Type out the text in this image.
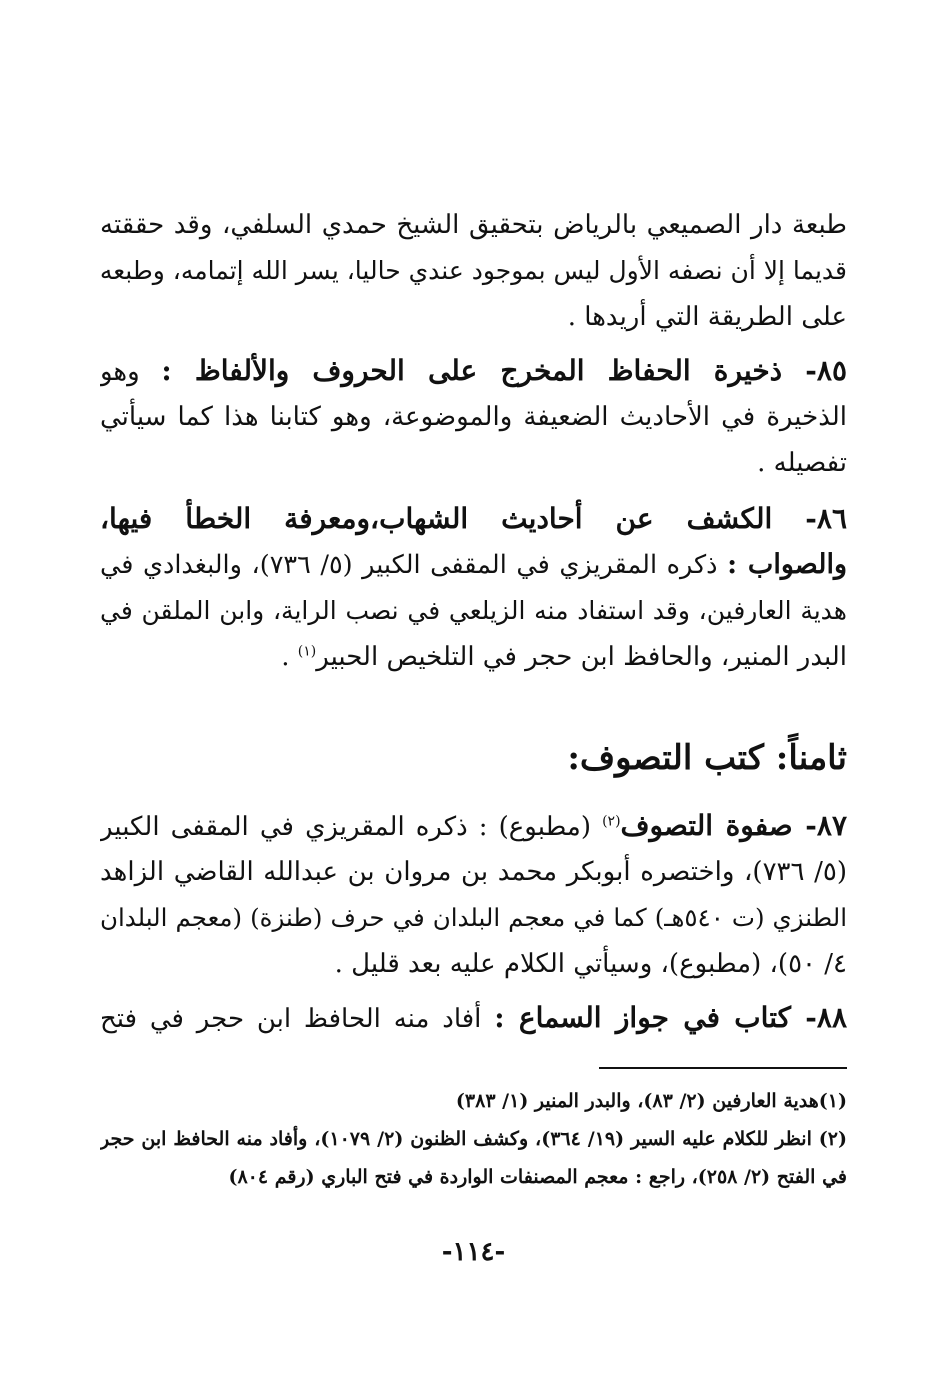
طبعة دار الصميعي بالرياض بتحقيق الشيخ حمدي السلفي، وقد حققته
قديما إلا أن نصفه الأول ليس بموجود عندي حاليا، يسر الله إتمامه، وطبعه
على الطريقة التي أريدها .
٨٥- ذخيرة الحفاظ المخرج على الحروف والألفاظ : وهو
الذخيرة في الأحاديث الضعيفة والموضوعة، وهو كتابنا هذا كما سيأتي
تفصيله .
٨٦- الكشف عن أحاديث الشهاب،ومعرفة الخطأ فيها،
والصواب : ذكره المقريزي في المقفى الكبير (٥/ ٧٣٦)، والبغدادي في
هدية العارفين، وقد استفاد منه الزيلعي في نصب الراية، وابن الملقن في
البدر المنير، والحافظ ابن حجر في التلخيص الحبير$^{(١)}$ .
ثامناً: كتب التصوف:
٨٧- صفوة التصوف$^{(٢)}$ (مطبوع) : ذكره المقريزي في المقفى الكبير
(٥/ ٧٣٦)، واختصره أبوبكر محمد بن مروان بن عبدالله القاضي الزاهد
الطنزي (ت ٥٤٠هـ) كما في معجم البلدان في حرف (طنزة) (معجم البلدان
٤/ ٥٠)، (مطبوع)، وسيأتي الكلام عليه بعد قليل .
٨٨- كتاب في جواز السماع : أفاد منه الحافظ ابن حجر في فتح
(١)هدية العارفين (٢/ ٨٣)، والبدر المنير (١/ ٣٨٣)
(٢) انظر للكلام عليه السير (١٩/ ٣٦٤)، وكشف الظنون (٢/ ١٠٧٩)، وأفاد منه الحافظ ابن حجر
في الفتح (٢/ ٢٥٨)، راجع : معجم المصنفات الواردة في فتح الباري (رقم ٨٠٤)
-١١٤-
